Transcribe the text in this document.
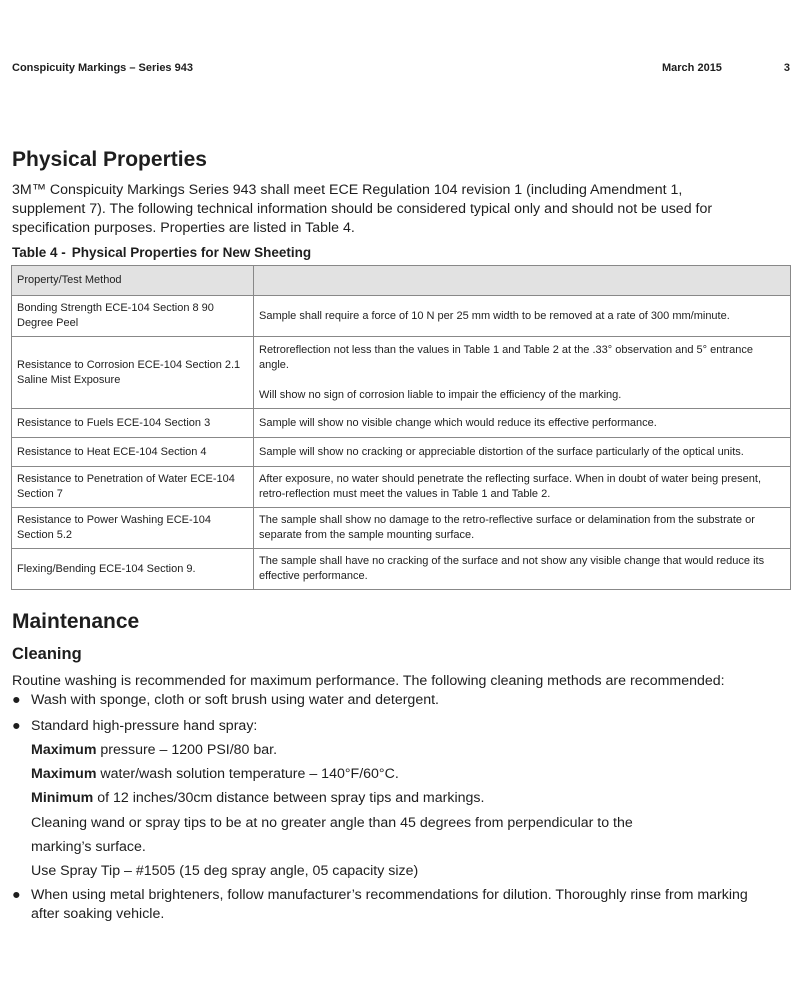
Conspicuity Markings – Series 943	March 2015	3
Physical Properties
3M™ Conspicuity Markings Series 943 shall meet ECE Regulation 104 revision 1 (including Amendment 1, supplement 7). The following technical information should be considered typical only and should not be used for specification purposes. Properties are listed in Table 4.
Table 4 - Physical Properties for New Sheeting
Property/Test Method	
Bonding Strength ECE-104 Section 8 90 Degree Peel	Sample shall require a force of 10 N per 25 mm width to be removed at a rate of 300 mm/minute.

Resistance to Corrosion ECE-104 Section 2.1 Saline Mist Exposure	Retroreflection not less than the values in Table 1 and Table 2 at the .33° observation and 5° entrance angle.
Will show no sign of corrosion liable to impair the efficiency of the marking.

Resistance to Fuels ECE-104 Section 3	Sample will show no visible change which would reduce its effective performance.

Resistance to Heat ECE-104 Section 4	Sample will show no cracking or appreciable distortion of the surface particularly of the optical units.

Resistance to Penetration of Water ECE-104 Section 7	After exposure, no water should penetrate the reflecting surface. When in doubt of water being present, retro-reflection must meet the values in Table 1 and Table 2.

Resistance to Power Washing ECE-104 Section 5.2	The sample shall show no damage to the retro-reflective surface or delamination from the substrate or separate from the sample mounting surface.

Flexing/Bending ECE-104 Section 9.	The sample shall have no cracking of the surface and not show any visible change that would reduce its effective performance.
Maintenance
Cleaning
Routine washing is recommended for maximum performance. The following cleaning methods are recommended:
● Wash with sponge, cloth or soft brush using water and detergent.
● Standard high-pressure hand spray:
Maximum pressure – 1200 PSI/80 bar.
Maximum water/wash solution temperature – 140°F/60°C.
Minimum of 12 inches/30cm distance between spray tips and markings.
Cleaning wand or spray tips to be at no greater angle than 45 degrees from perpendicular to the
marking’s surface.
Use Spray Tip – #1505 (15 deg spray angle, 05 capacity size)
● When using metal brighteners, follow manufacturer’s recommendations for dilution. Thoroughly rinse from marking after soaking vehicle.
